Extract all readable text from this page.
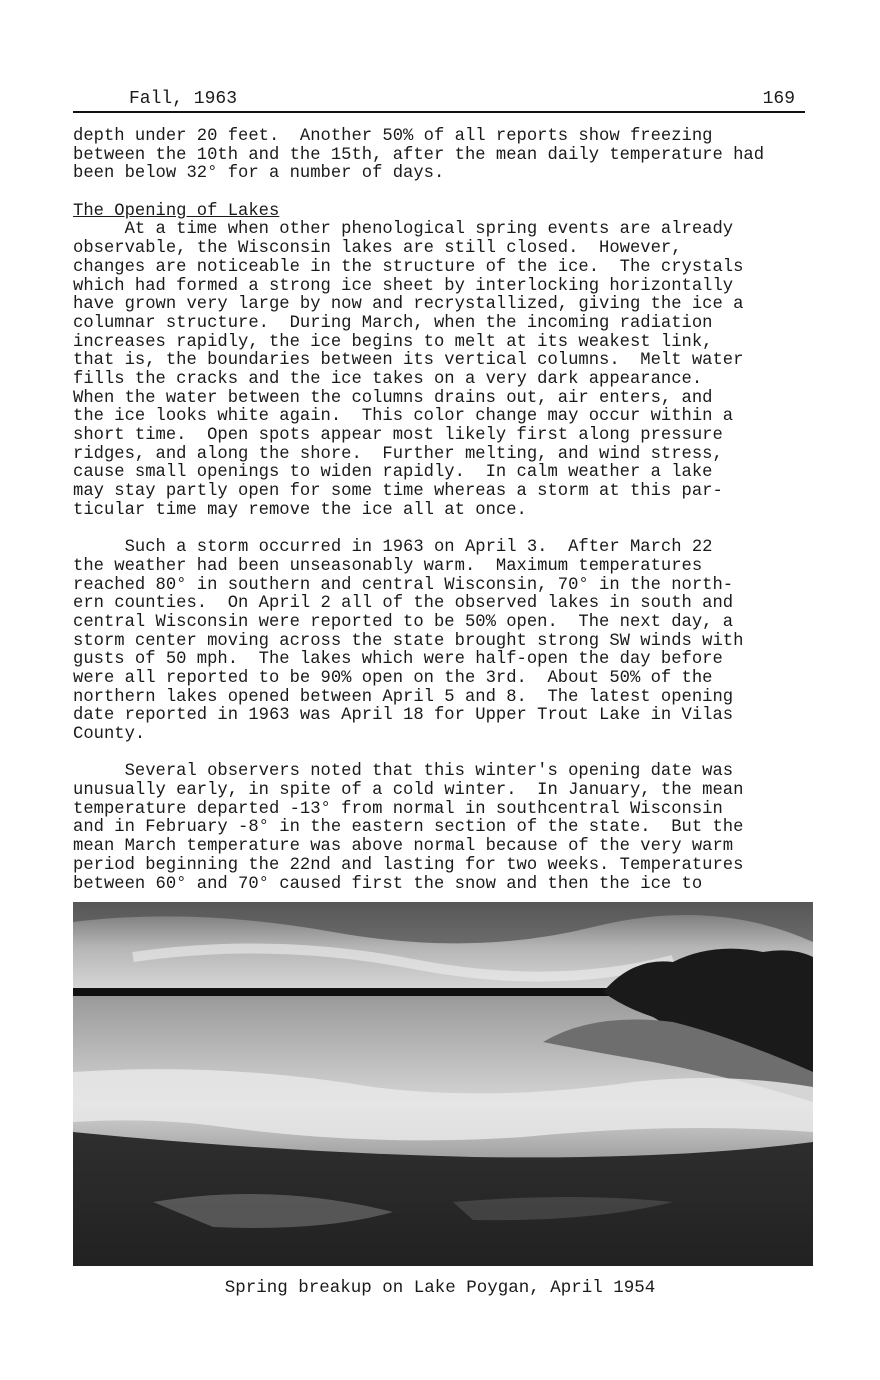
Fall, 1963	169
depth under 20 feet.  Another 50% of all reports show freezing
between the 10th and the 15th, after the mean daily temperature had
been below 32° for a number of days.
The Opening of Lakes
At a time when other phenological spring events are already
observable, the Wisconsin lakes are still closed.  However,
changes are noticeable in the structure of the ice.  The crystals
which had formed a strong ice sheet by interlocking horizontally
have grown very large by now and recrystallized, giving the ice a
columnar structure.  During March, when the incoming radiation
increases rapidly, the ice begins to melt at its weakest link,
that is, the boundaries between its vertical columns.  Melt water
fills the cracks and the ice takes on a very dark appearance.
When the water between the columns drains out, air enters, and
the ice looks white again.  This color change may occur within a
short time.  Open spots appear most likely first along pressure
ridges, and along the shore.  Further melting, and wind stress,
cause small openings to widen rapidly.  In calm weather a lake
may stay partly open for some time whereas a storm at this par-
ticular time may remove the ice all at once.
Such a storm occurred in 1963 on April 3.  After March 22
the weather had been unseasonably warm.  Maximum temperatures
reached 80° in southern and central Wisconsin, 70° in the north-
ern counties.  On April 2 all of the observed lakes in south and
central Wisconsin were reported to be 50% open.  The next day, a
storm center moving across the state brought strong SW winds with
gusts of 50 mph.  The lakes which were half-open the day before
were all reported to be 90% open on the 3rd.  About 50% of the
northern lakes opened between April 5 and 8.  The latest opening
date reported in 1963 was April 18 for Upper Trout Lake in Vilas
County.
Several observers noted that this winter's opening date was
unusually early, in spite of a cold winter.  In January, the mean
temperature departed -13° from normal in southcentral Wisconsin
and in February -8° in the eastern section of the state.  But the
mean March temperature was above normal because of the very warm
period beginning the 22nd and lasting for two weeks. Temperatures
between 60° and 70° caused first the snow and then the ice to
Spring breakup on Lake Poygan, April 1954
